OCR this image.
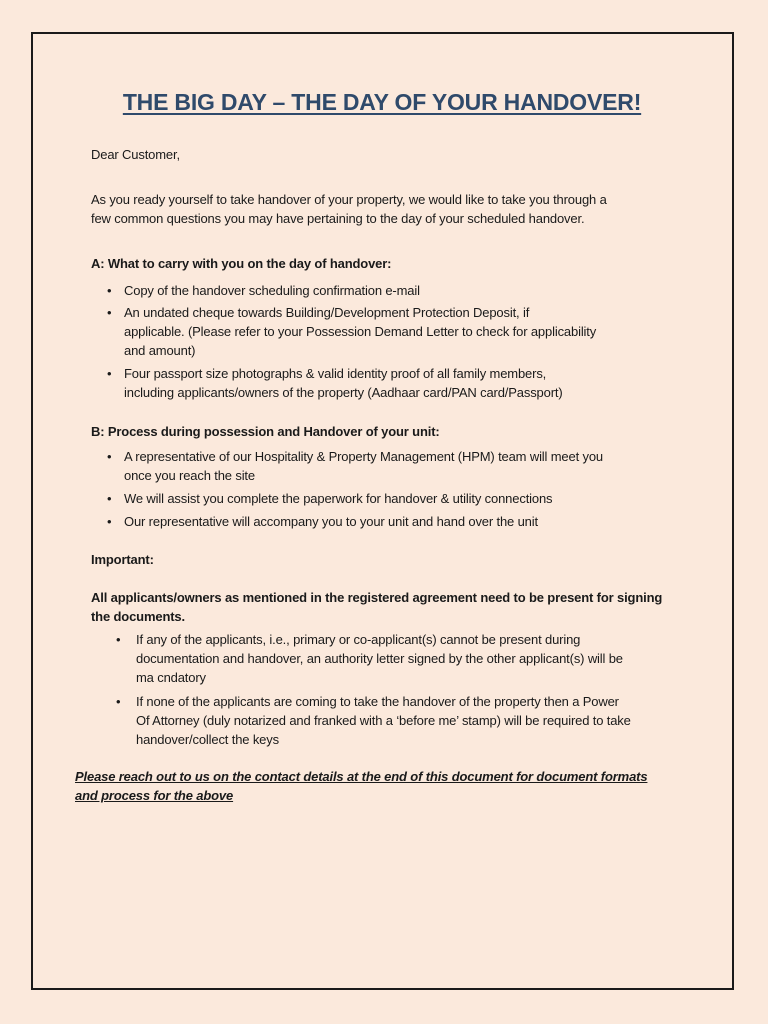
THE BIG DAY – THE DAY OF YOUR HANDOVER!

Dear Customer,

As you ready yourself to take handover of your property, we would like to take you through a

few common questions you may have pertaining to the day of your scheduled handover.

A: What to carry with you on the day of handover:

• Copy of the handover scheduling confirmation e-mail

• An undated cheque towards Building/Development Protection Deposit, if

applicable. (Please refer to your Possession Demand Letter to check for applicability

and amount)

• Four passport size photographs & valid identity proof of all family members,

including applicants/owners of the property (Aadhaar card/PAN card/Passport)

B: Process during possession and Handover of your unit:

• A representative of our Hospitality & Property Management (HPM) team will meet you

once you reach the site

• We will assist you complete the paperwork for handover & utility connections

• Our representative will accompany you to your unit and hand over the unit

Important:

All applicants/owners as mentioned in the registered agreement need to be present for signing

the documents.

• If any of the applicants, i.e., primary or co-applicant(s) cannot be present during

documentation and handover, an authority letter signed by the other applicant(s) will be

ma cndatory

• If none of the applicants are coming to take the handover of the property then a Power

Of Attorney (duly notarized and franked with a ‘before me’ stamp) will be required to take

handover/collect the keys

Please reach out to us on the contact details at the end of this document for document formats

and process for the above
